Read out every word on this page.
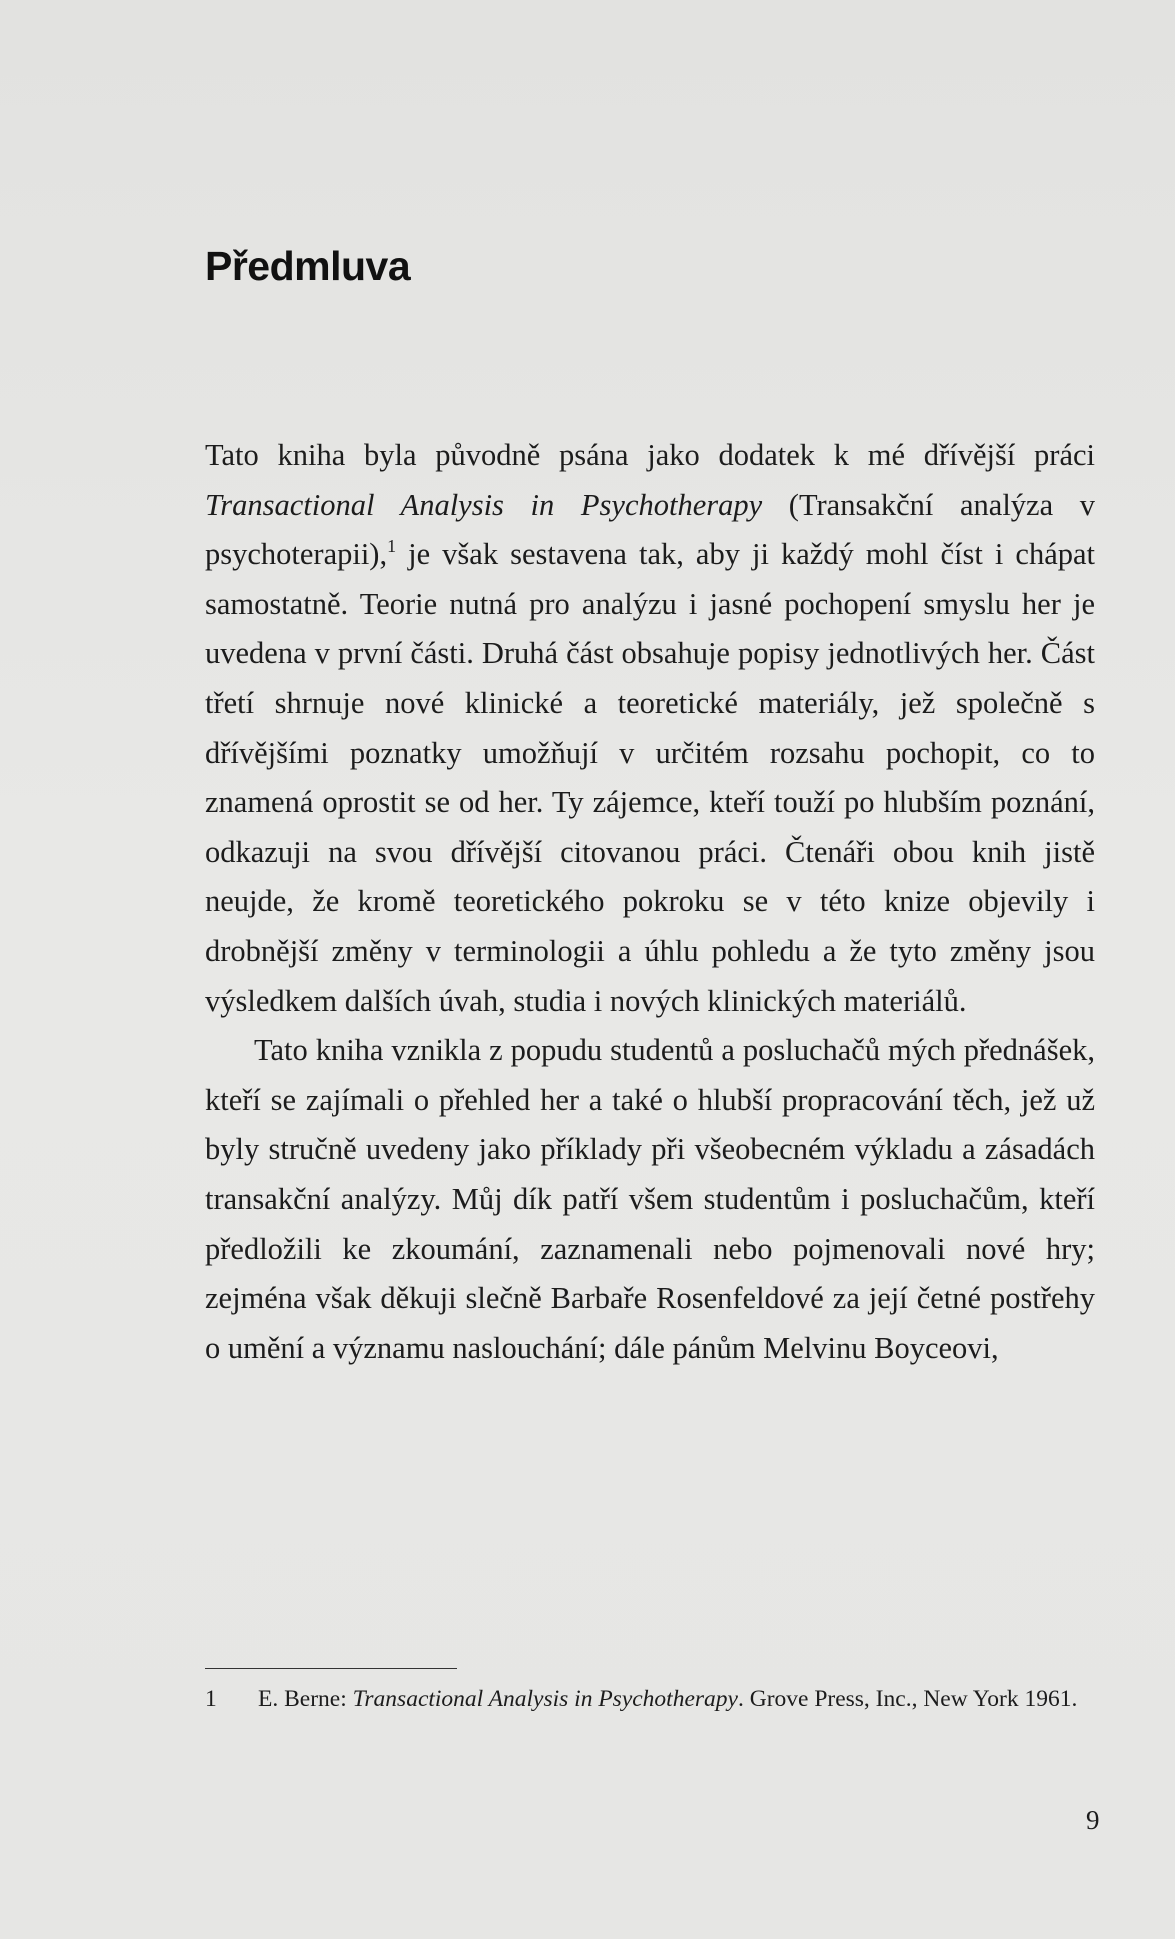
Předmluva

Tato kniha byla původně psána jako dodatek k mé dřívější práci Transactional Analysis in Psychotherapy (Transakční analýza v psychoterapii),$^1$ je však sestavena tak, aby ji každý mohl číst i chápat samostatně. Teorie nutná pro analýzu i jasné pochopení smyslu her je uvedena v první části. Druhá část obsahuje popisy jednotlivých her. Část třetí shrnuje nové klinické a teoretické materiály, jež společně s dřívějšími poznatky umožňují v určitém rozsahu pochopit, co to znamená oprostit se od her. Ty zájemce, kteří touží po hlubším poznání, odkazuji na svou dřívější citovanou práci. Čtenáři obou knih jistě neujde, že kromě teoretického pokroku se v této knize objevily i drobnější změny v terminologii a úhlu pohledu a že tyto změny jsou výsledkem dalších úvah, studia i nových klinických materiálů.

Tato kniha vznikla z popudu studentů a posluchačů mých přednášek, kteří se zajímali o přehled her a také o hlubší propracování těch, jež už byly stručně uvedeny jako příklady při všeobecném výkladu a zásadách transakční analýzy. Můj dík patří všem studentům i posluchačům, kteří předložili ke zkoumání, zaznamenali nebo pojmenovali nové hry; zejména však děkuji slečně Barbaře Rosenfeldové za její četné postřehy o umění a významu naslouchání; dále pánům Melvinu Boyceovi,

1	E. Berne: Transactional Analysis in Psychotherapy. Grove Press, Inc., New York 1961.
9
